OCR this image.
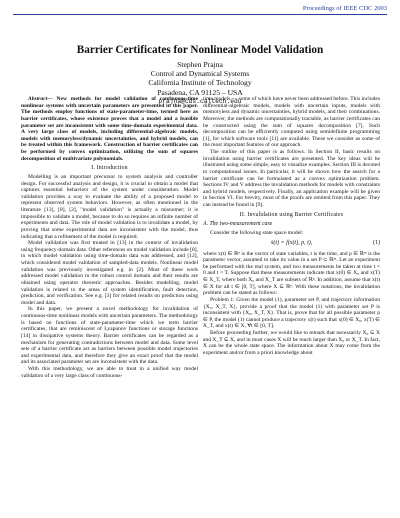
Proceedings of IEEE CDC 2003
Barrier Certificates for Nonlinear Model Validation
Stephen Prajna
Control and Dynamical Systems
California Institute of Technology
Pasadena, CA 91125 – USA
prajna@cds.caltech.edu

Abstract— New methods for model validation of continuous-time nonlinear systems with uncertain parameters are presented in this paper. The methods employ functions of state-parameter-time, termed here as barrier certificates, whose existence proves that a model and a feasible parameter set are inconsistent with some time-domain experimental data. A very large class of models, including differential-algebraic models, models with memoryless/dynamic uncertainties, and hybrid models, can be treated within this framework. Construction of barrier certificates can be performed by convex optimization, utilizing the sum of squares decomposition of multivariate polynomials.

I. Introduction

Modelling is an important precursor to system analysis and controller design. For successful analysis and design, it is crucial to obtain a model that captures essential behaviors of the system under consideration. Model validation provides a way to evaluate the ability of a proposed model to represent observed system behaviors. However, as often mentioned in the literature [13], [8], [2], "model validation" is actually a misnomer; it is impossible to validate a model, because to do so requires an infinite number of experiments and data. The role of model validation is to invalidate a model, by proving that some experimental data are inconsistent with the model, thus indicating that a refinement of the model is required.

Model validation was first treated in [13] in the context of invalidation using frequency-domain data. Other references on model validation include [8], in which model validation using time-domain data was addressed, and [12], which considered model validation of sampled-data models. Nonlinear model validation was previously investigated e.g. in [2]. Most of these work addressed model validation in the robust control domain and their results are obtained using operator theoretic approaches. Besides modelling, model validation is related to the areas of system identification, fault detection, prediction, and verification. See e.g. [3] for related results on prediction using model and data.

In this paper, we present a novel methodology for invalidation of continuous-time nonlinear models with uncertain parameters. The methodology is based on functions of state-parameter-time which we term barrier certificates, that are reminiscent of Lyapunov functions or storage functions [14] in dissipative systems theory. Barrier certificates can be regarded as a mechanism for generating contradictions between model and data. Some level sets of a barrier certificate act as barriers between possible model trajectories and experimental data, and therefore they give an exact proof that the model and its associated parameter set are inconsistent with the data.

With this methodology, we are able to treat in a unified way model validation of a very large class of continuous-

time models — some of which have never been addressed before. This includes differential-algebraic models, models with uncertain inputs, models with memoryless and dynamic uncertainties, hybrid models, and their combinations. Moreover, the methods are computationally tractable, as barrier certificates can be constructed using the sum of squares decomposition [7]. Such decomposition can be efficiently computed using semidefinite programming [1], for which software tools [11] are available. These we consider as some of the most important features of our approach.

The outline of this paper is as follows. In Section II, basic results on invalidation using barrier certificates are presented. The key ideas will be illustrated using some simple, easy to visualize examples. Section III is devoted to computational issues. In particular, it will be shown how the search for a barrier certificate can be formulated as a convex optimization problem. Sections IV and V address the invalidation methods for models with constraints and hybrid models, respectively. Finally, an application example will be given in Section VI. For brevity, most of the proofs are omitted from this paper. They can instead be found in [9].

II. Invalidation using Barrier Certificates
A. The two-measurement case

Consider the following state space model:

ẋ(t) = f(x(t), p, t),	(1)

where x(t) ∈ ℝⁿ is the vector of state variables, t is the time, and p ∈ ℝᵐ is the parameter vector, assumed to take its value in a set P ⊂ ℝᵐ. Let an experiment be performed with the real system, and two measurements be taken at time t = 0 and t = T. Suppose that these measurements indicate that x(0) ∈ X₀ and x(T) ∈ X_T, where both X₀ and X_T are subsets of ℝⁿ. In addition, assume that x(t) ∈ X for all t ∈ [0, T], where X ⊆ ℝⁿ. With these notations, the invalidation problem can be stated as follows:

Problem 1: Given the model (1), parameter set P, and trajectory information {X₀, X_T, X}, provide a proof that the model (1) with parameter set P is inconsistent with {X₀, X_T, X}. That is, prove that for all possible parameter p ∈ P, the model (1) cannot produce a trajectory x(t) such that x(0) ∈ X₀, x(T) ∈ X_T, and x(t) ∈ X, ∀t ∈ [0, T].

Before proceeding further, we would like to remark that necessarily X₀ ⊆ X and X_T ⊆ X, and in most cases X will be much larger than X₀ or X_T. In fact, X can be the whole state space. The information about X may come from the experiment and/or from a priori knowledge about
